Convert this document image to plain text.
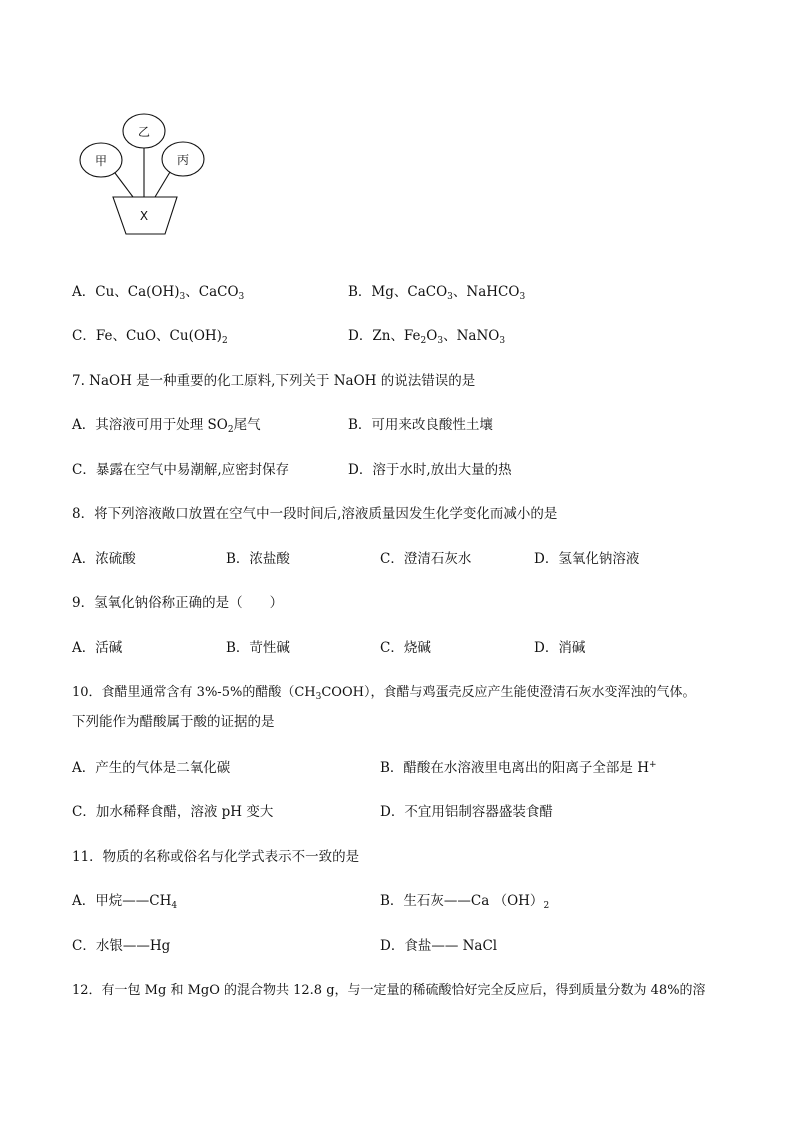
乙
甲	丙
X
A．Cu、$Ca(OH)_3$、CaCO$_3$	B．Mg、CaCO$_3$、NaHCO$_3$
C．Fe、CuO、$Cu(OH)_2$	D．Zn、$Fe_2O_3$、NaNO$_3$
7. NaOH 是一种重要的化工原料,下列关于 NaOH 的说法错误的是
A．其溶液可用于处理 $SO_2$尾气	B．可用来改良酸性土壤
C．暴露在空气中易潮解,应密封保存	D．溶于水时,放出大量的热
8．将下列溶液敞口放置在空气中一段时间后,溶液质量因发生化学变化而减小的是
A．浓硫酸	B．浓盐酸	C．澄清石灰水	D．氢氧化钠溶液
9．氢氧化钠俗称正确的是（　　）
A．活碱	B．苛性碱	C．烧碱	D．消碱
10．食醋里通常含有 3%-5%的醋酸$(CH_3COOH)$，食醋与鸡蛋壳反应产生能使澄清石灰水变浑浊的气体。
下列能作为醋酸属于酸的证据的是
A．产生的气体是二氧化碳	B．醋酸在水溶液里电离出的阳离子全部是 H+
C．加水稀释食醋，溶液 pH 变大	D．不宜用铝制容器盛装食醋
11．物质的名称或俗名与化学式表示不一致的是
A．甲烷$——CH_4$	B．生石灰——Ca $(OH)_2$
C．水银——Hg	D．食盐—— NaCl
12．有一包 Mg 和 MgO 的混合物共 12.8 g，与一定量的稀硫酸恰好完全反应后，得到质量分数为 48%的溶
